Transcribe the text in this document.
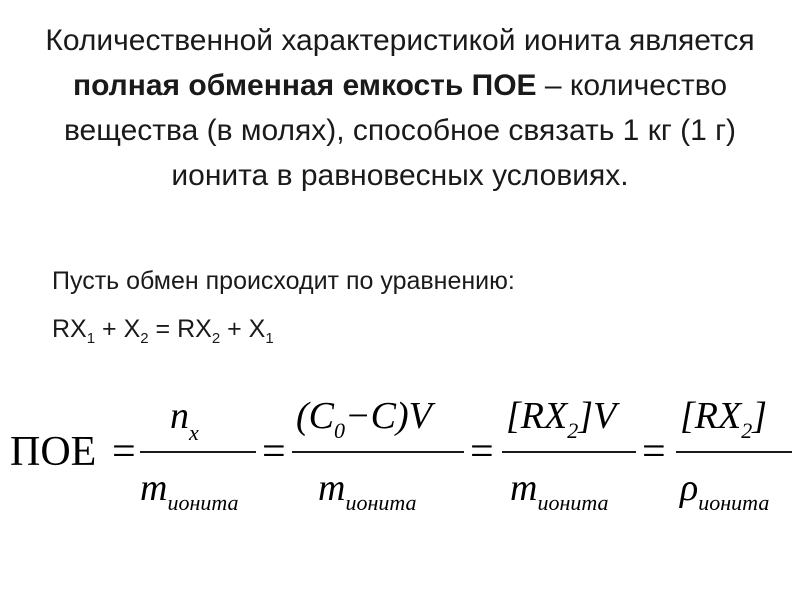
Количественной характеристикой ионита является полная обменная емкость ПОЕ – количество вещества (в молях), способное связать 1 кг (1 г) ионита в равновесных условиях.
Пусть обмен происходит по уравнению:
$RX_1 + X_2 = RX_2 + X_1$
ПОЕ =
$n_x$
$m_{ионита}$
=
$(C_0-C)V$
$m_{ионита}$
=
$[RX_2]V$
$m_{ионита}$
=
$[RX_2]$
$\rho_{ионита}$
